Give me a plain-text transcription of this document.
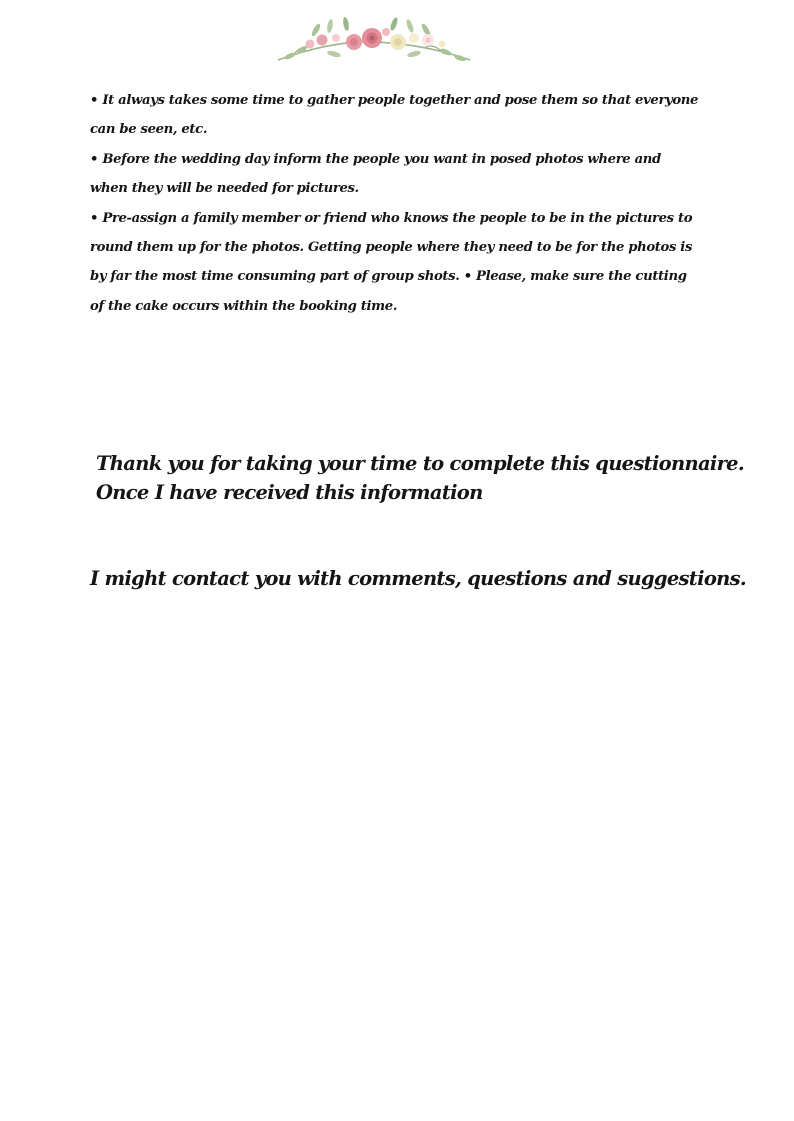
• It always takes some time to gather people together and pose them so that everyone can be seen, etc.

• Before the wedding day inform the people you want in posed photos where and when they will be needed for pictures.

• Pre-assign a family member or friend who knows the people to be in the pictures to round them up for the photos. Getting people where they need to be for the photos is by far the most time consuming part of group shots. • Please, make sure the cutting of the cake occurs within the booking time.

Thank you for taking your time to complete this questionnaire.
Once I have received this information
I might contact you with comments, questions and suggestions.
